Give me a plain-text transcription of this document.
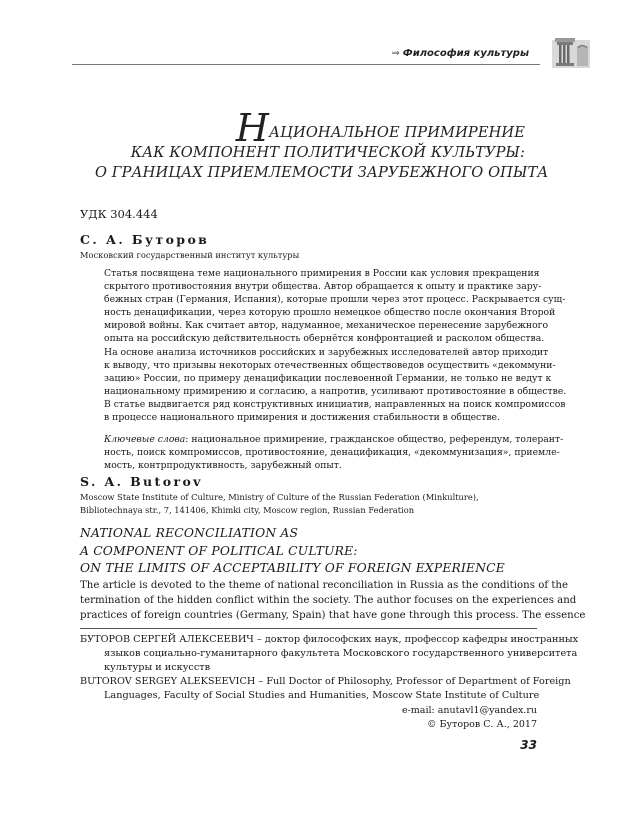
⇒ Философия культуры
НАЦИОНАЛЬНОЕ ПРИМИРЕНИЕ
КАК КОМПОНЕНТ ПОЛИТИЧЕСКОЙ КУЛЬТУРЫ:
О ГРАНИЦАХ ПРИЕМЛЕМОСТИ ЗАРУБЕЖНОГО ОПЫТА
УДК 304.444
С. А. Буторов
Московский государственный институт культуры
Статья посвящена теме национального примирения в России как условия прекращения
скрытого противостояния внутри общества. Автор обращается к опыту и практике зару-
бежных стран (Германия, Испания), которые прошли через этот процесс. Раскрывается сущ-
ность денацификации, через которую прошло немецкое общество после окончания Второй
мировой войны. Как считает автор, надуманное, механическое перенесение зарубежного
опыта на российскую действительность обернётся конфронтацией и расколом общества.
На основе анализа источников российских и зарубежных исследователей автор приходит
к выводу, что призывы некоторых отечественных обществоведов осуществить «декоммуни-
зацию» России, по примеру денацификации послевоенной Германии, не только не ведут к
национальному примирению и согласию, а напротив, усиливают противостояние в обществе.
В статье выдвигается ряд конструктивных инициатив, направленных на поиск компромиссов
в процессе национального примирения и достижения стабильности в обществе.
Ключевые слова: национальное примирение, гражданское общество, референдум, толерант-
ность, поиск компромиссов, противостояние, денацификация, «декоммунизация», приемле-
мость, контрпродуктивность, зарубежный опыт.
S. A. Butorov
Moscow State Institute of Culture, Ministry of Culture of the Russian Federation (Minkulture),
Bibliotechnaya str., 7, 141406, Khimki city, Moscow region, Russian Federation
NATIONAL RECONCILIATION AS
A COMPONENT OF POLITICAL CULTURE:
ON THE LIMITS OF ACCEPTABILITY OF FOREIGN EXPERIENCE
The article is devoted to the theme of national reconciliation in Russia as the conditions of the
termination of the hidden conflict within the society. The author focuses on the experiences and
practices of foreign countries (Germany, Spain) that have gone through this process. The essence
БУТОРОВ СЕРГЕЙ АЛЕКСЕЕВИЧ – доктор философских наук, профессор кафедры иностранных
языков социально-гуманитарного факультета Московского государственного университета
культуры и искусств
BUTOROV SERGEY ALEKSEEVICH – Full Doctor of Philosophy, Professor of Department of Foreign
Languages, Faculty of Social Studies and Humanities, Moscow State Institute of Culture
e-mail: anutavl1@yandex.ru
© Буторов С. А., 2017
33
